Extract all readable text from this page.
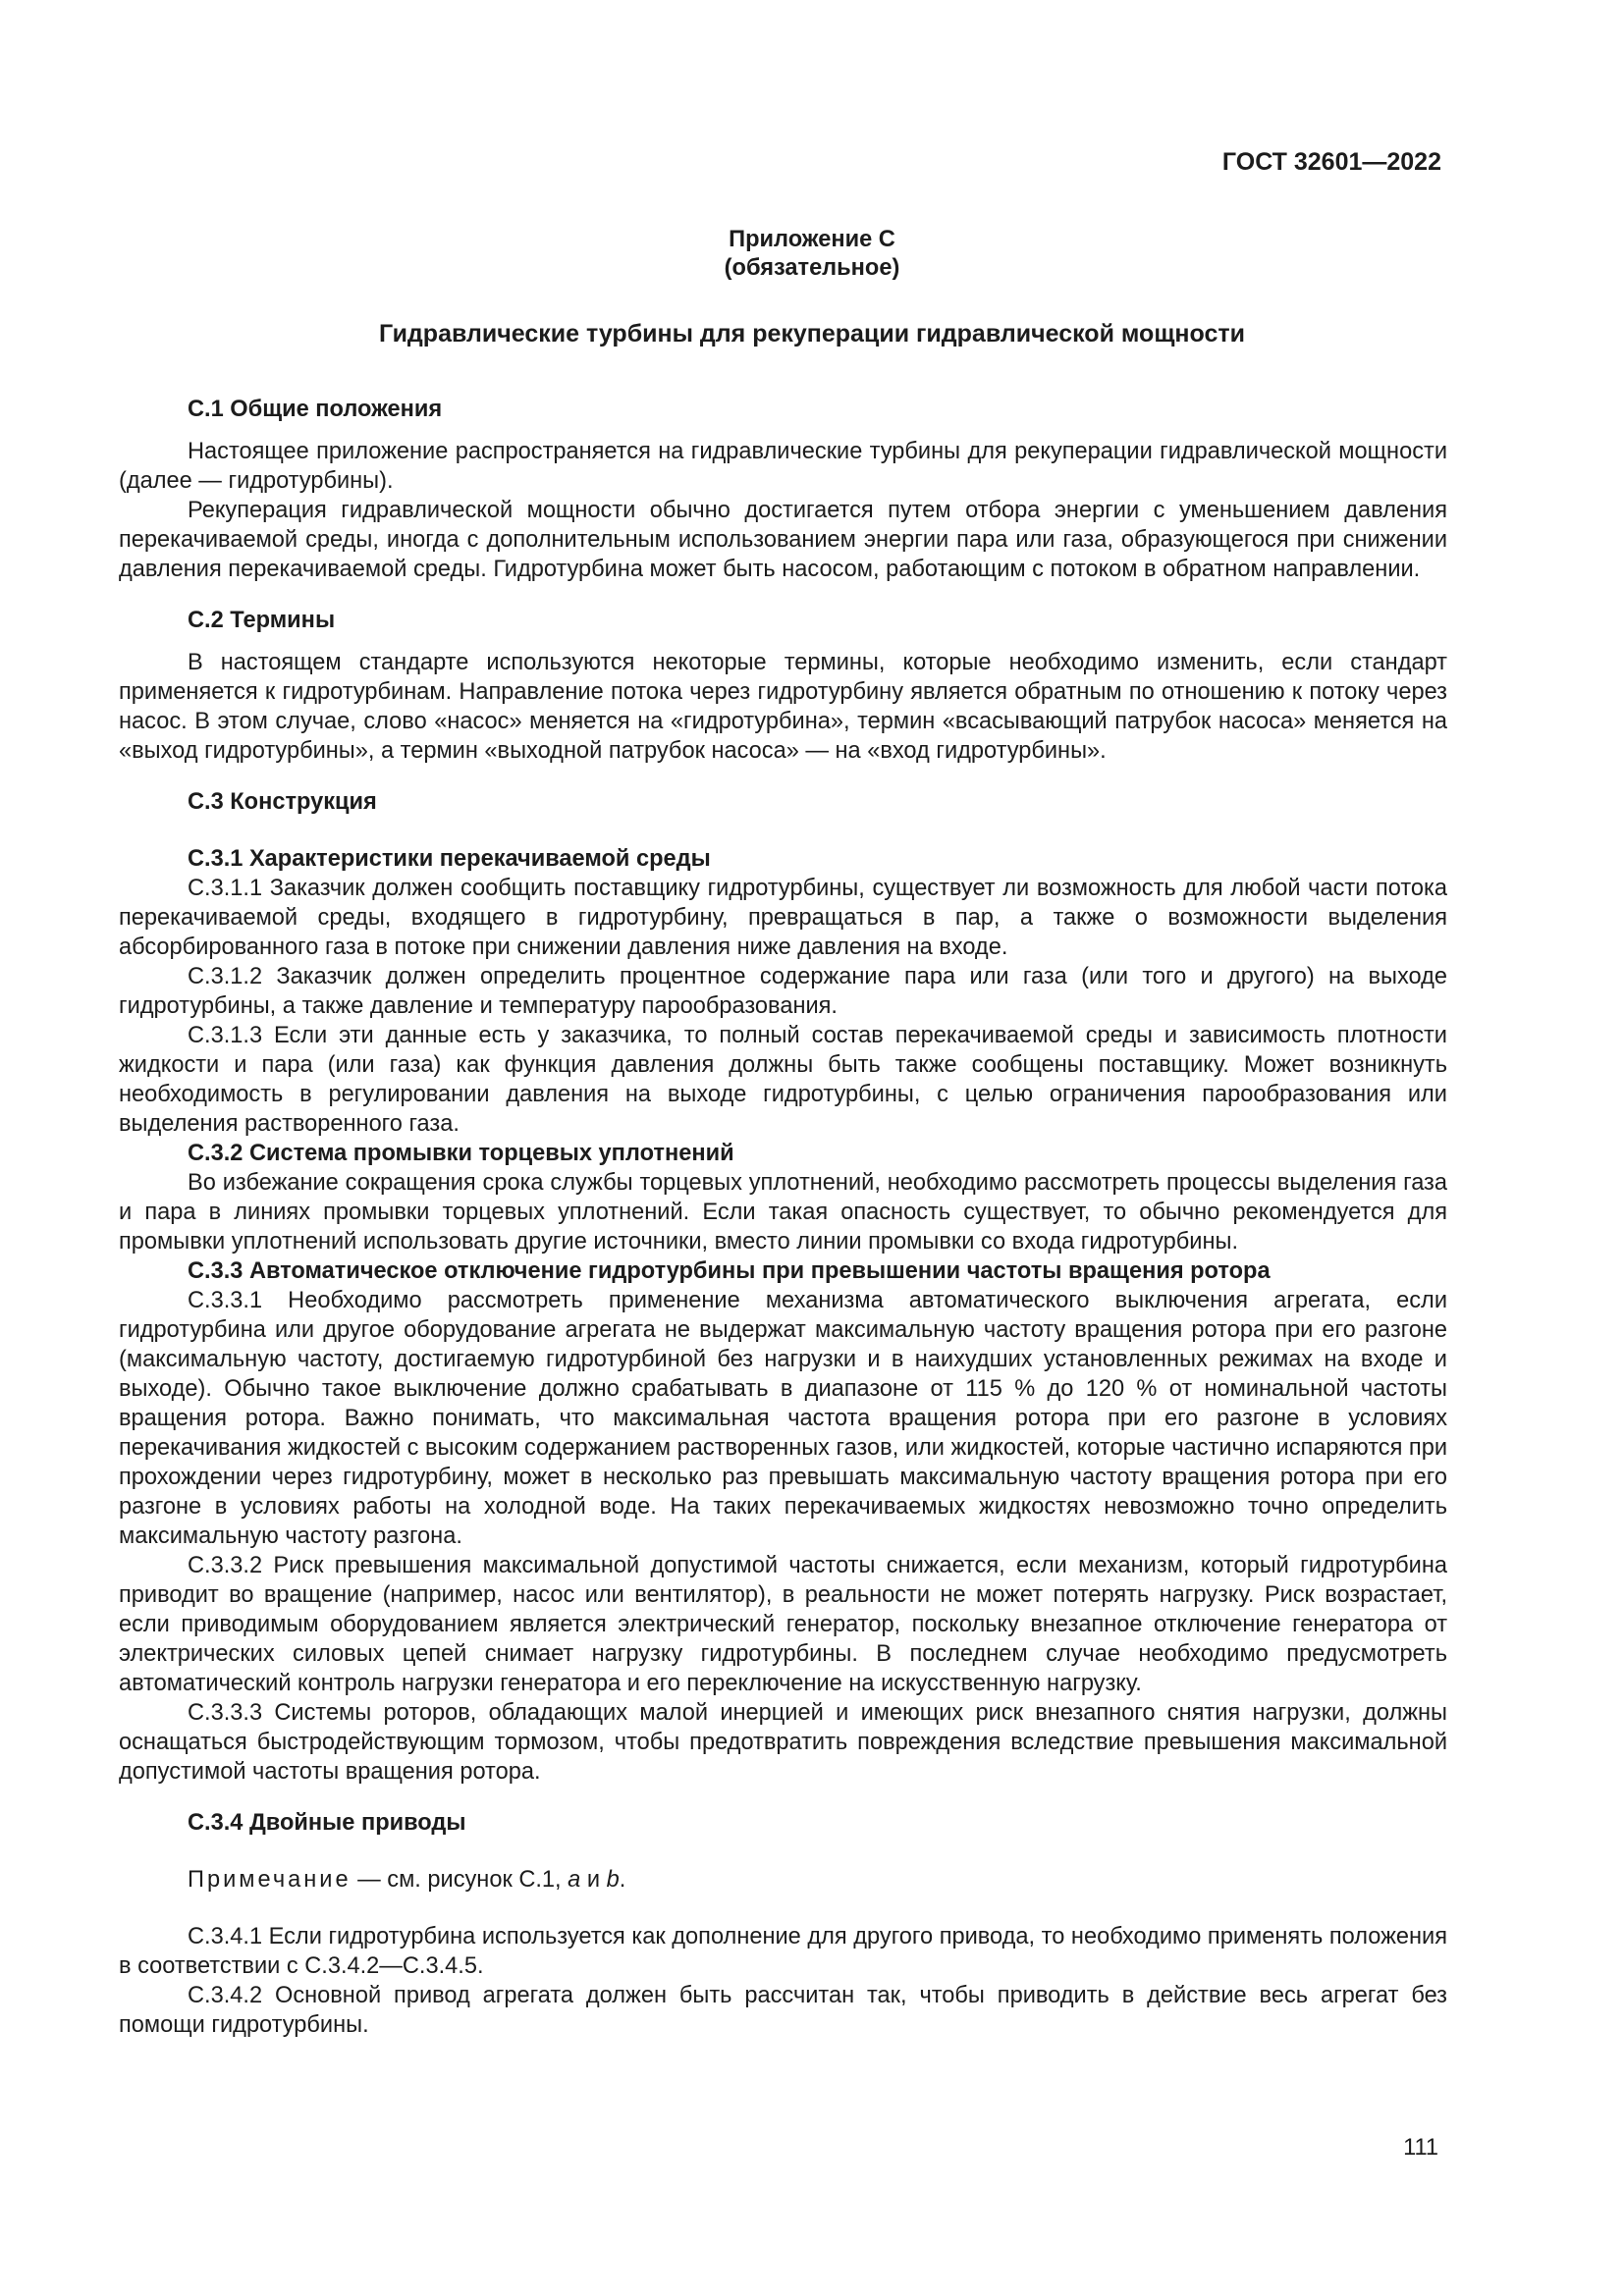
ГОСТ 32601—2022
Приложение С
(обязательное)
Гидравлические турбины для рекуперации гидравлической мощности
С.1 Общие положения
Настоящее приложение распространяется на гидравлические турбины для рекуперации гидравлической мощности (далее — гидротурбины).
Рекуперация гидравлической мощности обычно достигается путем отбора энергии с уменьшением давления перекачиваемой среды, иногда с дополнительным использованием энергии пара или газа, образующегося при снижении давления перекачиваемой среды. Гидротурбина может быть насосом, работающим с потоком в обратном направлении.
С.2 Термины
В настоящем стандарте используются некоторые термины, которые необходимо изменить, если стандарт применяется к гидротурбинам. Направление потока через гидротурбину является обратным по отношению к потоку через насос. В этом случае, слово «насос» меняется на «гидротурбина», термин «всасывающий патрубок насоса» меняется на «выход гидротурбины», а термин «выходной патрубок насоса» — на «вход гидротурбины».
С.3 Конструкция
С.3.1 Характеристики перекачиваемой среды
С.3.1.1 Заказчик должен сообщить поставщику гидротурбины, существует ли возможность для любой части потока перекачиваемой среды, входящего в гидротурбину, превращаться в пар, а также о возможности выделения абсорбированного газа в потоке при снижении давления ниже давления на входе.
С.3.1.2 Заказчик должен определить процентное содержание пара или газа (или того и другого) на выходе гидротурбины, а также давление и температуру парообразования.
С.3.1.3 Если эти данные есть у заказчика, то полный состав перекачиваемой среды и зависимость плотности жидкости и пара (или газа) как функция давления должны быть также сообщены поставщику. Может возникнуть необходимость в регулировании давления на выходе гидротурбины, с целью ограничения парообразования или выделения растворенного газа.
С.3.2 Система промывки торцевых уплотнений
Во избежание сокращения срока службы торцевых уплотнений, необходимо рассмотреть процессы выделения газа и пара в линиях промывки торцевых уплотнений. Если такая опасность существует, то обычно рекомендуется для промывки уплотнений использовать другие источники, вместо линии промывки со входа гидротурбины.
С.3.3 Автоматическое отключение гидротурбины при превышении частоты вращения ротора
С.3.3.1 Необходимо рассмотреть применение механизма автоматического выключения агрегата, если гидротурбина или другое оборудование агрегата не выдержат максимальную частоту вращения ротора при его разгоне (максимальную частоту, достигаемую гидротурбиной без нагрузки и в наихудших установленных режимах на входе и выходе). Обычно такое выключение должно срабатывать в диапазоне от 115 % до 120 % от номинальной частоты вращения ротора. Важно понимать, что максимальная частота вращения ротора при его разгоне в условиях перекачивания жидкостей с высоким содержанием растворенных газов, или жидкостей, которые частично испаряются при прохождении через гидротурбину, может в несколько раз превышать максимальную частоту вращения ротора при его разгоне в условиях работы на холодной воде. На таких перекачиваемых жидкостях невозможно точно определить максимальную частоту разгона.
С.3.3.2 Риск превышения максимальной допустимой частоты снижается, если механизм, который гидротурбина приводит во вращение (например, насос или вентилятор), в реальности не может потерять нагрузку. Риск возрастает, если приводимым оборудованием является электрический генератор, поскольку внезапное отключение генератора от электрических силовых цепей снимает нагрузку гидротурбины. В последнем случае необходимо предусмотреть автоматический контроль нагрузки генератора и его переключение на искусственную нагрузку.
С.3.3.3 Системы роторов, обладающих малой инерцией и имеющих риск внезапного снятия нагрузки, должны оснащаться быстродействующим тормозом, чтобы предотвратить повреждения вследствие превышения максимальной допустимой частоты вращения ротора.
С.3.4 Двойные приводы
Примечание — см. рисунок С.1, a и b.
С.3.4.1 Если гидротурбина используется как дополнение для другого привода, то необходимо применять положения в соответствии с С.3.4.2—С.3.4.5.
С.3.4.2 Основной привод агрегата должен быть рассчитан так, чтобы приводить в действие весь агрегат без помощи гидротурбины.
111
